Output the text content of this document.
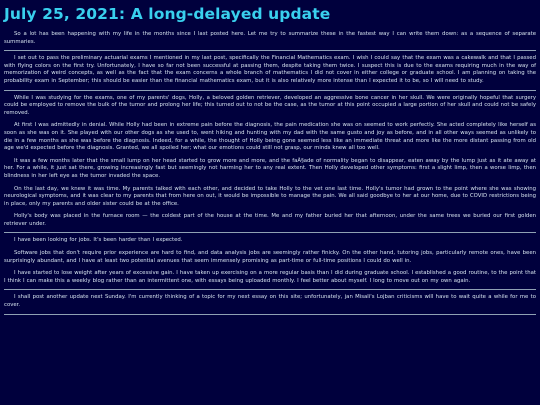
July 25, 2021: A long-delayed update

So a lot has been happening with my life in the months since I last posted here. Let me try to summarize these in the fastest way I can write them down: as a sequence of separate summaries.

I set out to pass the preliminary actuarial exams I mentioned in my last post, specifically the Financial Mathematics exam. I wish I could say that the exam was a cakewalk and that I passed with flying colors on the first try. Unfortunately, I have so far not been successful at passing them, despite taking them twice. I suspect this is due to the exams requiring much in the way of memorization of weird concepts, as well as the fact that the exam concerns a whole branch of mathematics I did not cover in either college or graduate school. I am planning on taking the probability exam in September; this should be easier than the financial mathematics exam, but it is also relatively more intense than I expected it to be, so I will need to study.

While I was studying for the exams, one of my parents' dogs, Holly, a beloved golden retriever, developed an aggressive bone cancer in her skull. We were originally hopeful that surgery could be employed to remove the bulk of the tumor and prolong her life; this turned out to not be the case, as the tumor at this point occupied a large portion of her skull and could not be safely removed.

At first I was admittedly in denial. While Holly had been in extreme pain before the diagnosis, the pain medication she was on seemed to work perfectly. She acted completely like herself as soon as she was on it. She played with our other dogs as she used to, went hiking and hunting with my dad with the same gusto and joy as before, and in all other ways seemed as unlikely to die in a few months as she was before the diagnosis. Indeed, for a while, the thought of Holly being gone seemed less like an immediate threat and more like the more distant passing from old age we'd expected before the diagnosis. Granted, we all spoiled her; what our emotions could still not grasp, our minds knew all too well.

It was a few months later that the small lump on her head started to grow more and more, and the faÃ§ade of normality began to disappear, eaten away by the lump just as it ate away at her. For a while, it just sat there, growing increasingly fast but seemingly not harming her to any real extent. Then Holly developed other symptoms: first a slight limp, then a worse limp, then blindness in her left eye as the tumor invaded the space.

On the last day, we knew it was time. My parents talked with each other, and decided to take Holly to the vet one last time. Holly's tumor had grown to the point where she was showing neurological symptoms, and it was clear to my parents that from here on out, it would be impossible to manage the pain. We all said goodbye to her at our home, due to COVID restrictions being in place, only my parents and older sister could be at the office.

Holly's body was placed in the furnace room — the coldest part of the house at the time. Me and my father buried her that afternoon, under the same trees we buried our first golden retriever under.

I have been looking for jobs. It's been harder than I expected.

Software jobs that don't require prior experience are hard to find, and data analysis jobs are seemingly rather finicky. On the other hand, tutoring jobs, particularly remote ones, have been surprisingly abundant, and I have at least two potential avenues that seem immensely promising as part-time or full-time positions I could do well in.

I have started to lose weight after years of excessive gain. I have taken up exercising on a more regular basis than I did during graduate school. I established a good routine, to the point that I think I can make this a weekly blog rather than an intermittent one, with essays being uploaded monthly. I feel better about myself. I long to move out on my own again.

I shall post another update next Sunday. I'm currently thinking of a topic for my next essay on this site; unfortunately, jan Misali's Lojban criticisms will have to wait quite a while for me to cover.
